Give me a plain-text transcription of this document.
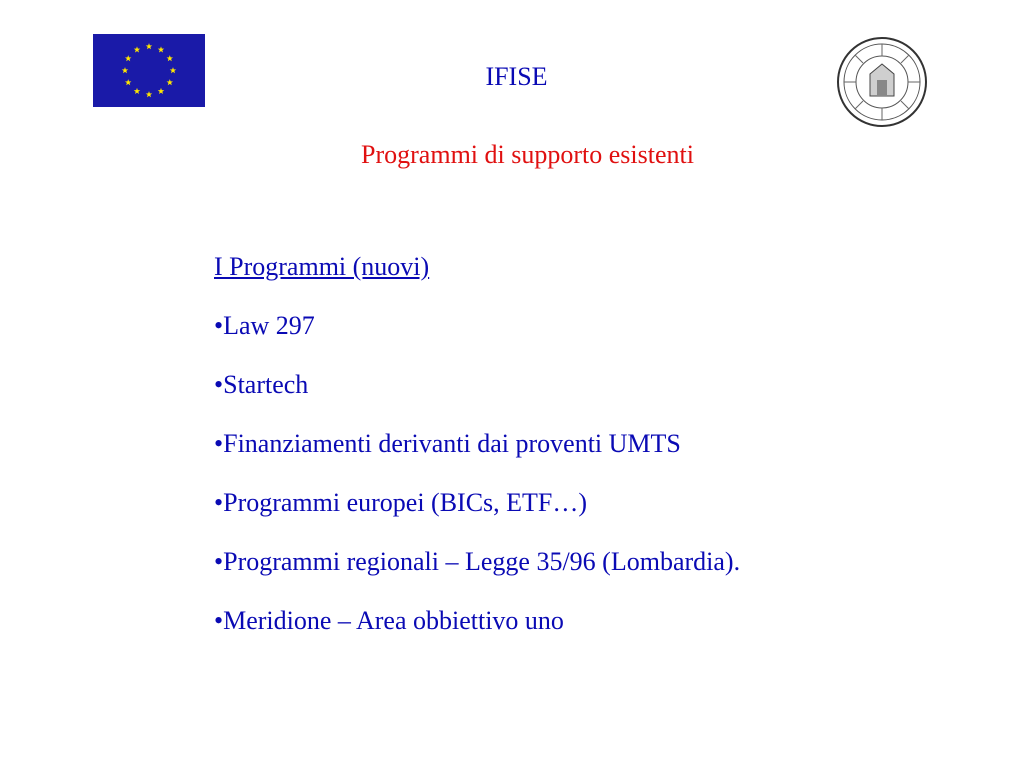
IFISE
Programmi di supporto esistenti
I Programmi (nuovi)
•Law 297
•Startech
•Finanziamenti derivanti dai proventi UMTS
•Programmi europei (BICs, ETF…)
•Programmi regionali – Legge 35/96 (Lombardia).
•Meridione – Area obbiettivo uno
